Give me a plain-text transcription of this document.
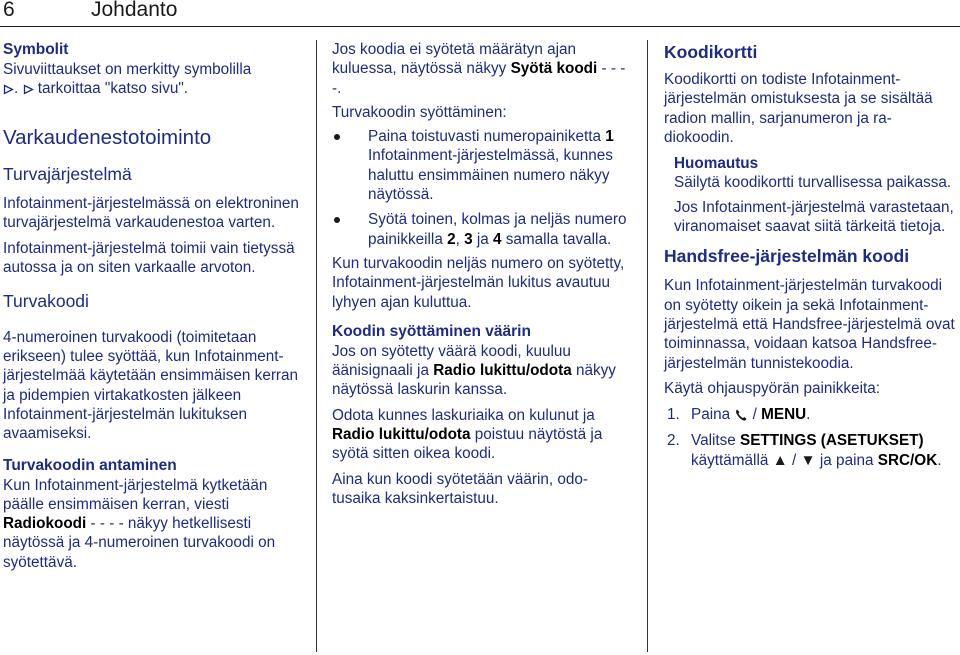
6	Johdanto

Symbolit

Sivuviittaukset on merkitty symbolilla
.  tarkoittaa "katso sivu".

Varkaudenestotoiminto

Turvajärjestelmä

Infotainment-järjestelmässä on elektroninen turvajärjestelmä varkaudenestoa varten.

Infotainment-järjestelmä toimii vain tietyssä autossa ja on siten varkaalle arvoton.

Turvakoodi

4-numeroinen turvakoodi (toimitetaan erikseen) tulee syöttää, kun Infotainment-järjestelmää käytetään ensimmäisen kerran ja pidempien virtakatkosten jälkeen Infotainment-järjestelmän lukituksen avaamiseksi.

Turvakoodin antaminen

Kun Infotainment-järjestelmä kytketään päälle ensimmäisen kerran, viesti Radiokoodi - - - - näkyy hetkellisesti näytössä ja 4-numeroinen turvakoodi on syötettävä.

Jos koodia ei syötetä määrätyn ajan kuluessa, näytössä näkyy Syötä koodi - - - -.

Turvakoodin syöttäminen:

Paina toistuvasti numeropainiketta 1 Infotainment-järjestelmässä, kunnes haluttu ensimmäinen numero näkyy näytössä.
Syötä toinen, kolmas ja neljäs numero painikkeilla 2, 3 ja 4 samalla tavalla.

Kun turvakoodin neljäs numero on syötetty, Infotainment-järjestelmän lukitus avautuu lyhyen ajan kuluttua.

Koodin syöttäminen väärin

Jos on syötetty väärä koodi, kuuluu äänisignaali ja Radio lukittu/odota näkyy näytössä laskurin kanssa.

Odota kunnes laskuriaika on kulunut ja Radio lukittu/odota poistuu näytöstä ja syötä sitten oikea koodi.

Aina kun koodi syötetään väärin, odotusaika kaksinkertaistuu.

Koodikortti

Koodikortti on todiste Infotainment-järjestelmän omistuksesta ja se sisältää radion mallin, sarjanumeron ja radiokoodin.

Huomautus

Säilytä koodikortti turvallisessa paikassa.

Jos Infotainment-järjestelmä varastetaan, viranomaiset saavat siitä tärkeitä tietoja.

Handsfree-järjestelmän koodi

Kun Infotainment-järjestelmän turvakoodi on syötetty oikein ja sekä Infotainment-järjestelmä että Handsfree-järjestelmä ovat toiminnassa, voidaan katsoa Handsfree-järjestelmän tunnistekoodia.

Käytä ohjauspyörän painikkeita:

1. Paina  / MENU.
2. Valitse SETTINGS (ASETUKSET) käyttämällä ▲ / ▼ ja paina SRC/OK.
